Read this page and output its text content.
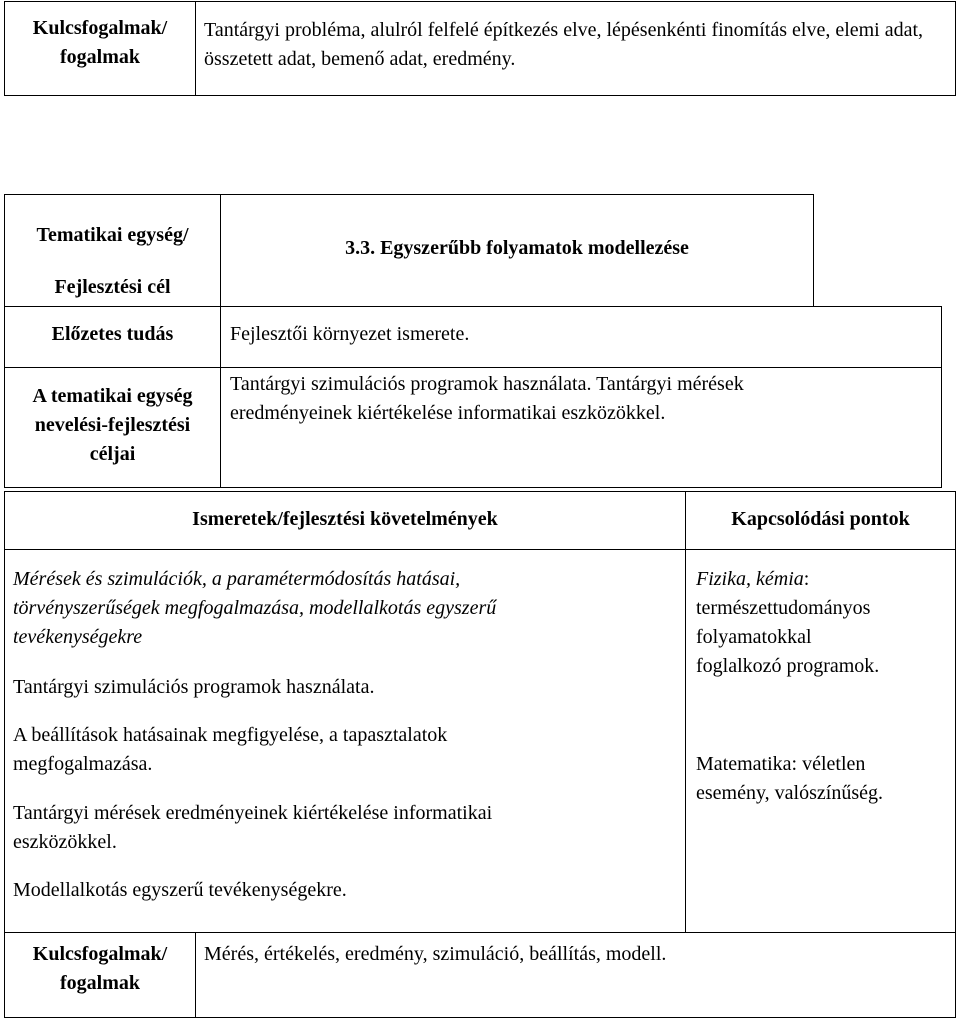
Kulcsfogalmak/
fogalmak
Tantárgyi probléma, alulról felfelé építkezés elve, lépésenkénti finomítás elve, elemi adat, összetett adat, bemenő adat, eredmény.
Tematikai egység/
Fejlesztési cél
3.3. Egyszerűbb folyamatok modellezése
Előzetes tudás	Fejlesztői környezet ismerete.
A tematikai egység
nevelési-fejlesztési
céljai
Tantárgyi szimulációs programok használata. Tantárgyi mérések
eredményeinek kiértékelése informatikai eszközökkel.
Ismeretek/fejlesztési követelmények	Kapcsolódási pontok
Mérések és szimulációk, a paramétermódosítás hatásai,
törvényszerűségek megfogalmazása, modellalkotás egyszerű
tevékenységekre
Tantárgyi szimulációs programok használata.
A beállítások hatásainak megfigyelése, a tapasztalatok
megfogalmazása.
Tantárgyi mérések eredményeinek kiértékelése informatikai
eszközökkel.
Modellalkotás egyszerű tevékenységekre.
Fizika, kémia:
természettudományos
folyamatokkal
foglalkozó programok.
Matematika: véletlen
esemény, valószínűség.
Kulcsfogalmak/
fogalmak
Mérés, értékelés, eredmény, szimuláció, beállítás, modell.
